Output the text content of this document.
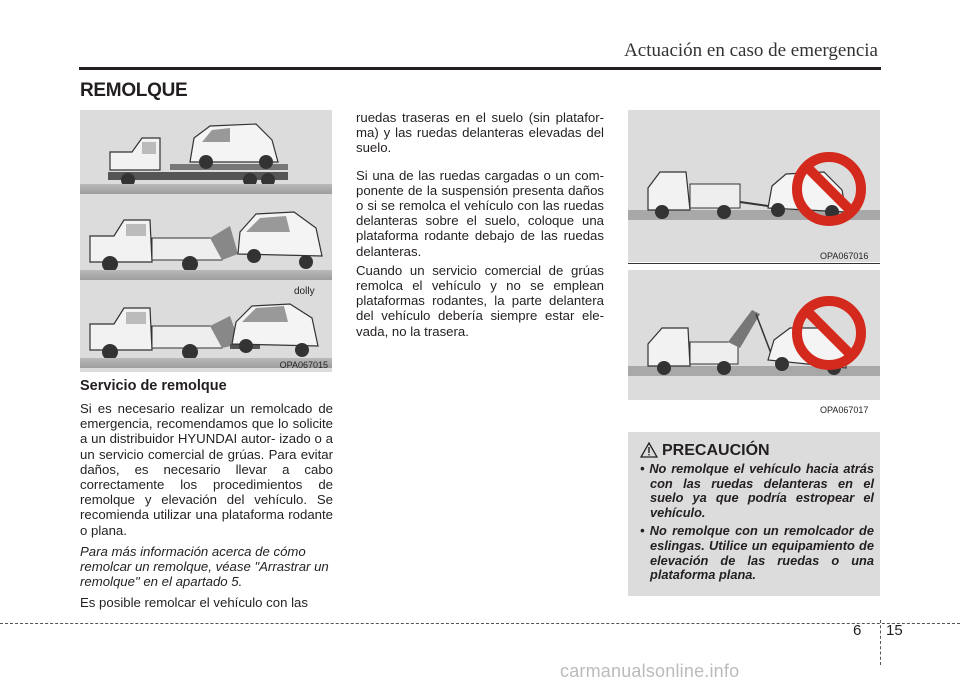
Actuación en caso de emergencia
REMOLQUE
dolly
OPA067015
Servicio de remolque

Si es necesario realizar un remolcado de emergencia, recomendamos que lo solicite a un distribuidor HYUNDAI autor- izado o a un servicio comercial de grúas. Para evitar daños, es necesario llevar a cabo correctamente los procedimientos de remolque y elevación del vehículo. Se recomienda utilizar una plataforma rodante o plana.

Para más información acerca de cómo remolcar un remolque, véase "Arrastrar un remolque" en el apartado 5.

Es posible remolcar el vehículo con las

ruedas traseras en el suelo (sin platafor- ma) y las ruedas delanteras elevadas del suelo.

Si una de las ruedas cargadas o un com- ponente de la suspensión presenta daños o si se remolca el vehículo con las ruedas delanteras sobre el suelo, coloque una plataforma rodante debajo de las ruedas delanteras.

Cuando un servicio comercial de grúas remolca el vehículo y no se emplean plataformas rodantes, la parte delantera del vehículo debería siempre estar ele- vada, no la trasera.

OPA067016
OPA067017
PRECAUCIÓN
• No remolque el vehículo hacia atrás con las ruedas delanteras en el suelo ya que podría estropear el vehículo.
• No remolque con un remolcador de eslingas. Utilice un equipamiento de elevación de las ruedas o una plataforma plana.
6 15
carmanualsonline.info
